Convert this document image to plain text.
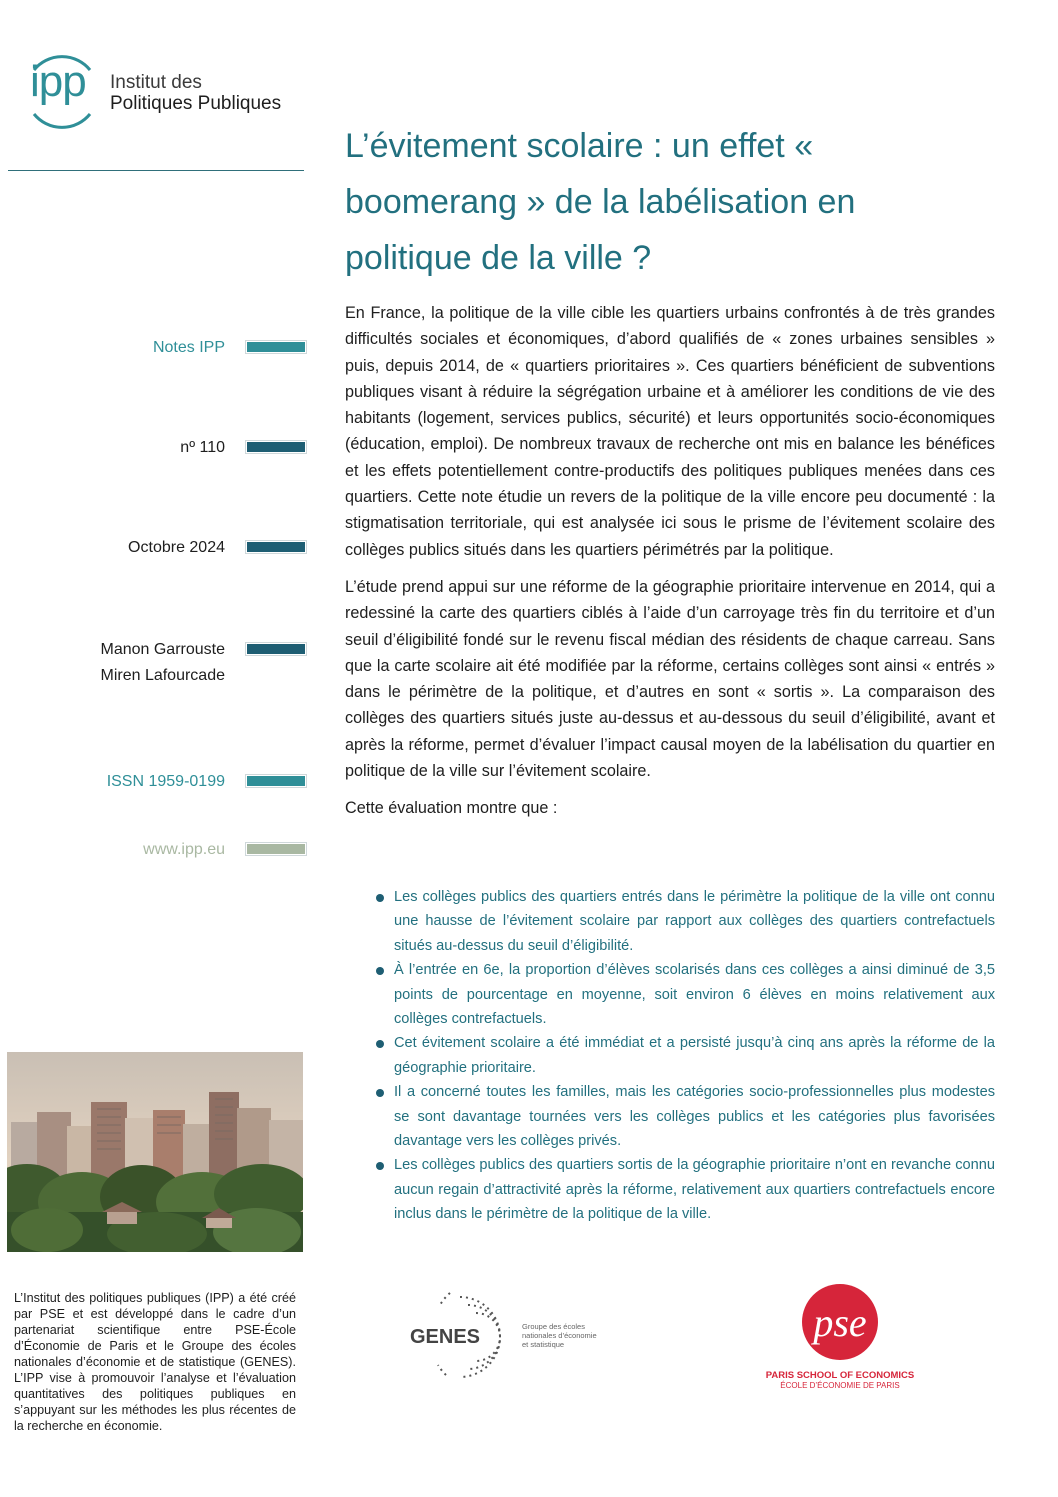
ipp Institut des
Politiques Publiques
L’évitement scolaire : un effet « boomerang » de la labélisation en politique de la ville ?
Notes IPP
nº 110
Octobre 2024
Manon Garrouste
Miren Lafourcade
ISSN 1959-0199
www.ipp.eu

En France, la politique de la ville cible les quartiers urbains confrontés à de très grandes difficultés sociales et économiques, d’abord qualifiés de « zones urbaines sensibles » puis, depuis 2014, de « quartiers prioritaires ». Ces quartiers bénéficient de subventions publiques visant à réduire la ségrégation urbaine et à améliorer les conditions de vie des habitants (logement, services publics, sécurité) et leurs opportunités socio-économiques (éducation, emploi). De nombreux travaux de recherche ont mis en balance les bénéfices et les effets potentiellement contre-productifs des politiques publiques menées dans ces quartiers. Cette note étudie un revers de la politique de la ville encore peu documenté : la stigmatisation territoriale, qui est analysée ici sous le prisme de l’évitement scolaire des collèges publics situés dans les quartiers périmétrés par la politique.

L’étude prend appui sur une réforme de la géographie prioritaire intervenue en 2014, qui a redessiné la carte des quartiers ciblés à l’aide d’un carroyage très fin du territoire et d’un seuil d’éligibilité fondé sur le revenu fiscal médian des résidents de chaque carreau. Sans que la carte scolaire ait été modifiée par la réforme, certains collèges sont ainsi « entrés » dans le périmètre de la politique, et d’autres en sont « sortis ». La comparaison des collèges des quartiers situés juste au-dessus et au-dessous du seuil d’éligibilité, avant et après la réforme, permet d’évaluer l’impact causal moyen de la labélisation du quartier en politique de la ville sur l’évitement scolaire.

Cette évaluation montre que :

Les collèges publics des quartiers entrés dans le périmètre la politique de la ville ont connu une hausse de l’évitement scolaire par rapport aux collèges des quartiers contrefactuels situés au-dessus du seuil d’éligibilité.
À l’entrée en 6e, la proportion d’élèves scolarisés dans ces collèges a ainsi diminué de 3,5 points de pourcentage en moyenne, soit environ 6 élèves en moins relativement aux collèges contrefactuels.
Cet évitement scolaire a été immédiat et a persisté jusqu’à cinq ans après la réforme de la géographie prioritaire.
Il a concerné toutes les familles, mais les catégories socio-professionnelles plus modestes se sont davantage tournées vers les collèges publics et les catégories plus favorisées davantage vers les collèges privés.
Les collèges publics des quartiers sortis de la géographie prioritaire n’ont en revanche connu aucun regain d’attractivité après la réforme, relativement aux quartiers contrefactuels encore inclus dans le périmètre de la politique de la ville.
L’Institut des politiques publiques (IPP) a été créé par PSE et est développé dans le cadre d’un partenariat scientifique entre PSE-École d’Économie de Paris et le Groupe des écoles nationales d’économie et de statistique (GENES). L’IPP vise à promouvoir l’analyse et l’évaluation quantitatives des politiques publiques en s’appuyant sur les méthodes les plus récentes de la recherche en économie.
GENES	Groupe des écoles nationales d’économie et statistique	pse
PARIS SCHOOL OF ECONOMICS
ÉCOLE D’ÉCONOMIE DE PARIS
